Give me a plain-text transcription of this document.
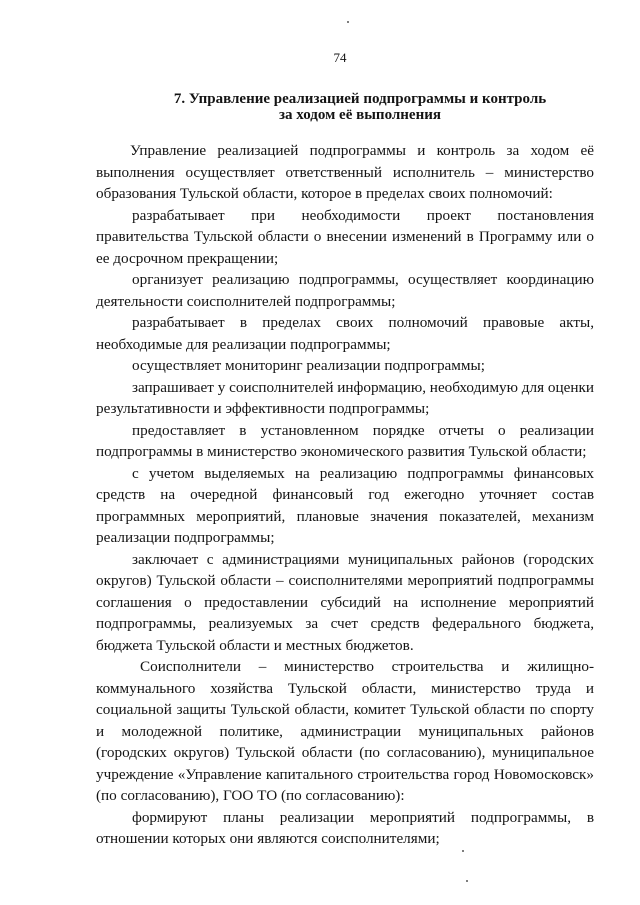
74
7. Управление реализацией подпрограммы и контроль
за ходом её выполнения

Управление реализацией подпрограммы и контроль за ходом её выполнения осуществляет ответственный исполнитель – министерство образования Тульской области, которое в пределах своих полномочий:

разрабатывает при необходимости проект постановления правительства Тульской области о внесении изменений в Программу или о ее досрочном прекращении;

организует реализацию подпрограммы, осуществляет координацию деятельности соисполнителей подпрограммы;

разрабатывает в пределах своих полномочий правовые акты, необходимые для реализации подпрограммы;

осуществляет мониторинг реализации подпрограммы;

запрашивает у соисполнителей информацию, необходимую для оценки результативности и эффективности подпрограммы;

предоставляет в установленном порядке отчеты о реализации подпрограммы в министерство экономического развития Тульской области;

с учетом выделяемых на реализацию подпрограммы финансовых средств на очередной финансовый год ежегодно уточняет состав программных мероприятий, плановые значения показателей, механизм реализации подпрограммы;

заключает с администрациями муниципальных районов (городских округов) Тульской области – соисполнителями мероприятий подпрограммы соглашения о предоставлении субсидий на исполнение мероприятий подпрограммы, реализуемых за счет средств федерального бюджета, бюджета Тульской области и местных бюджетов.

Соисполнители – министерство строительства и жилищно-коммунального хозяйства Тульской области, министерство труда и социальной защиты Тульской области, комитет Тульской области по спорту и молодежной политике, администрации муниципальных районов (городских округов) Тульской области (по согласованию), муниципальное учреждение «Управление капитального строительства город Новомосковск» (по согласованию), ГОО ТО (по согласованию):

формируют планы реализации мероприятий подпрограммы, в отношении которых они являются соисполнителями;
